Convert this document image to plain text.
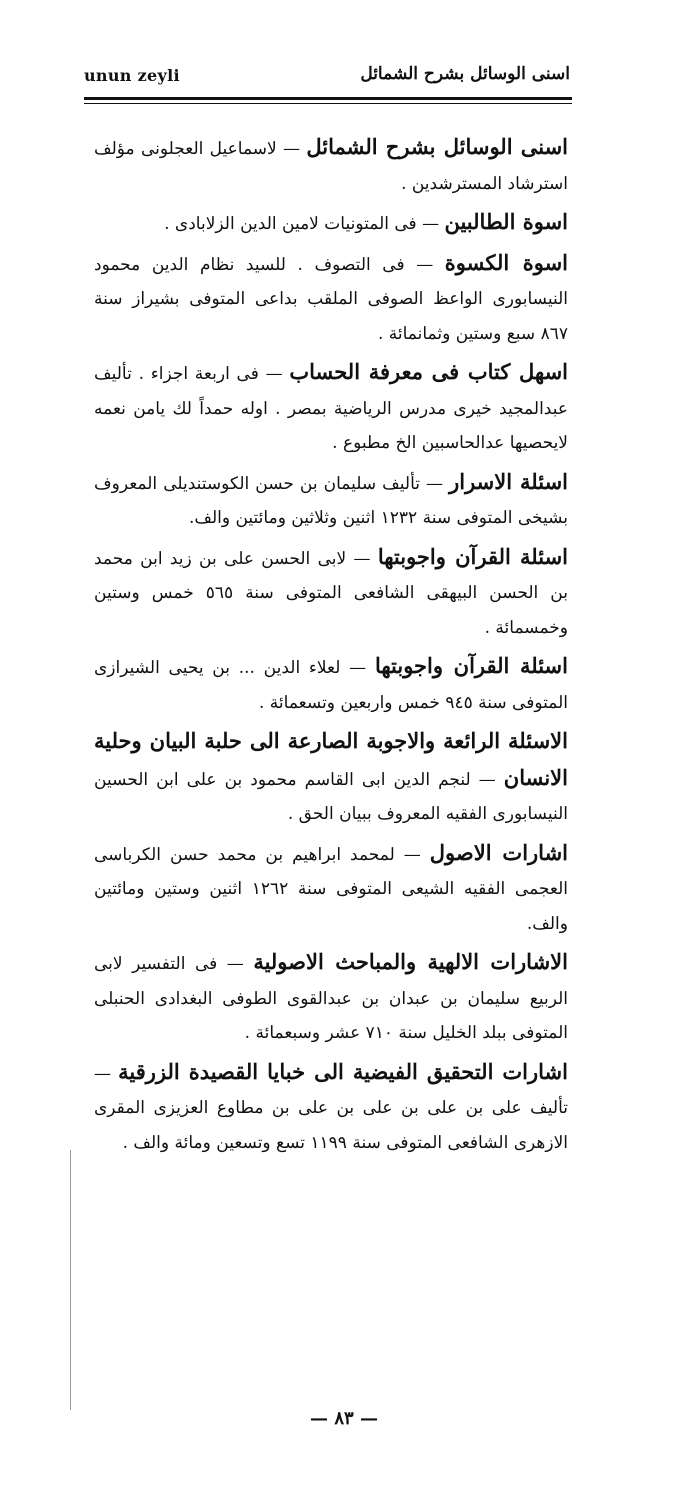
unun zeyli	اسنى الوسائل بشرح الشمائل

اسنى الوسائل بشرح الشمائل — لاسماعيل العجلونى مؤلف استرشاد المسترشدين .

اسوة الطالبين — فى المتونيات لامين الدين الزلابادى .

اسوة الكسوة — فى التصوف . للسيد نظام الدين محمود النيسابورى الواعظ الصوفى الملقب بداعى المتوفى بشيراز سنة ٨٦٧ سبع وستين وثمانمائة .

اسهل كتاب فى معرفة الحساب — فى اربعة اجزاء . تأليف عبدالمجيد خيرى مدرس الرياضية بمصر . اوله حمداً لك يامن نعمه لايحصيها عدالحاسبين الخ مطبوع .

اسئلة الاسرار — تأليف سليمان بن حسن الكوستنديلى المعروف بشيخى المتوفى سنة ١٢٣٢ اثنين وثلاثين ومائتين والف.

اسئلة القرآن واجوبتها — لابى الحسن على بن زيد ابن محمد بن الحسن البيهقى الشافعى المتوفى سنة ٥٦٥ خمس وستين وخمسمائة .

اسئلة القرآن واجوبتها — لعلاء الدين ... بن يحيى الشيرازى المتوفى سنة ٩٤٥ خمس واربعين وتسعمائة .

الاسئلة الرائعة والاجوبة الصارعة الى حلبة البيان وحلية الانسان — لنجم الدين ابى القاسم محمود بن على ابن الحسين النيسابورى الفقيه المعروف ببيان الحق .

اشارات الاصول — لمحمد ابراهيم بن محمد حسن الكرباسى العجمى الفقيه الشيعى المتوفى سنة ١٢٦٢ اثنين وستين ومائتين والف.

الاشارات الالهية والمباحث الاصولية — فى التفسير لابى الربيع سليمان بن عبدان بن عبدالقوى الطوفى البغدادى الحنبلى المتوفى ببلد الخليل سنة ٧١٠ عشر وسبعمائة .

اشارات التحقيق الفيضية الى خبايا القصيدة الزرقية — تأليف على بن على بن على بن على بن مطاوع العزيزى المقرى الازهرى الشافعى المتوفى سنة ١١٩٩ تسع وتسعين ومائة والف .

— ٨٣ —
